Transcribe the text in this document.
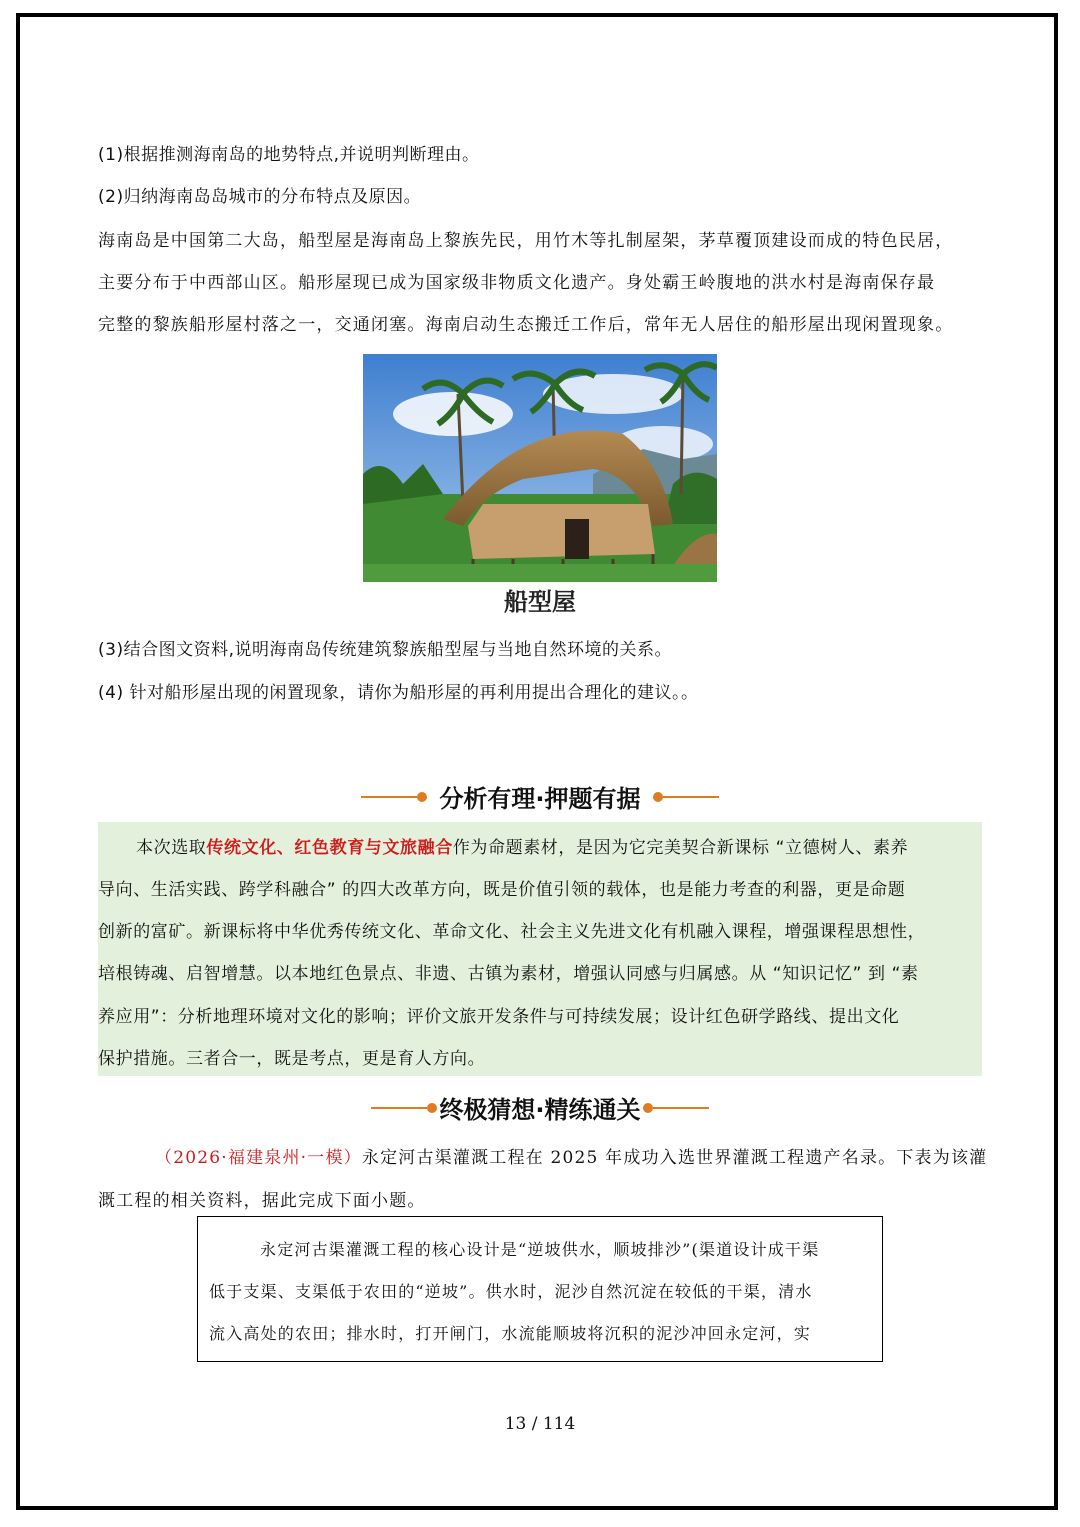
(1)根据推测海南岛的地势特点,并说明判断理由。
(2)归纳海南岛岛城市的分布特点及原因。
海南岛是中国第二大岛，船型屋是海南岛上黎族先民，用竹木等扎制屋架，茅草覆顶建设而成的特色民居，
主要分布于中西部山区。船形屋现已成为国家级非物质文化遗产。身处霸王岭腹地的洪水村是海南保存最
完整的黎族船形屋村落之一，交通闭塞。海南启动生态搬迁工作后，常年无人居住的船形屋出现闲置现象。
船型屋
(3)结合图文资料,说明海南岛传统建筑黎族船型屋与当地自然环境的关系。
(4) 针对船形屋出现的闲置现象，请你为船形屋的再利用提出合理化的建议。。
分析有理·押题有据
本次选取传统文化、红色教育与文旅融合作为命题素材，是因为它完美契合新课标 “立德树人、素养
导向、生活实践、跨学科融合” 的四大改革方向，既是价值引领的载体，也是能力考查的利器，更是命题
创新的富矿。新课标将中华优秀传统文化、革命文化、社会主义先进文化有机融入课程，增强课程思想性，
培根铸魂、启智增慧。以本地红色景点、非遗、古镇为素材，增强认同感与归属感。从 “知识记忆” 到 “素
养应用”：分析地理环境对文化的影响；评价文旅开发条件与可持续发展；设计红色研学路线、提出文化
保护措施。三者合一，既是考点，更是育人方向。
终极猜想·精练通关
（2026·福建泉州·一模）永定河古渠灌溉工程在 2025 年成功入选世界灌溉工程遗产名录。下表为该灌
溉工程的相关资料，据此完成下面小题。
永定河古渠灌溉工程的核心设计是“逆坡供水，顺坡排沙”(渠道设计成干渠
低于支渠、支渠低于农田的“逆坡”。供水时，泥沙自然沉淀在较低的干渠，清水
流入高处的农田；排水时，打开闸门，水流能顺坡将沉积的泥沙冲回永定河，实
13 / 114
